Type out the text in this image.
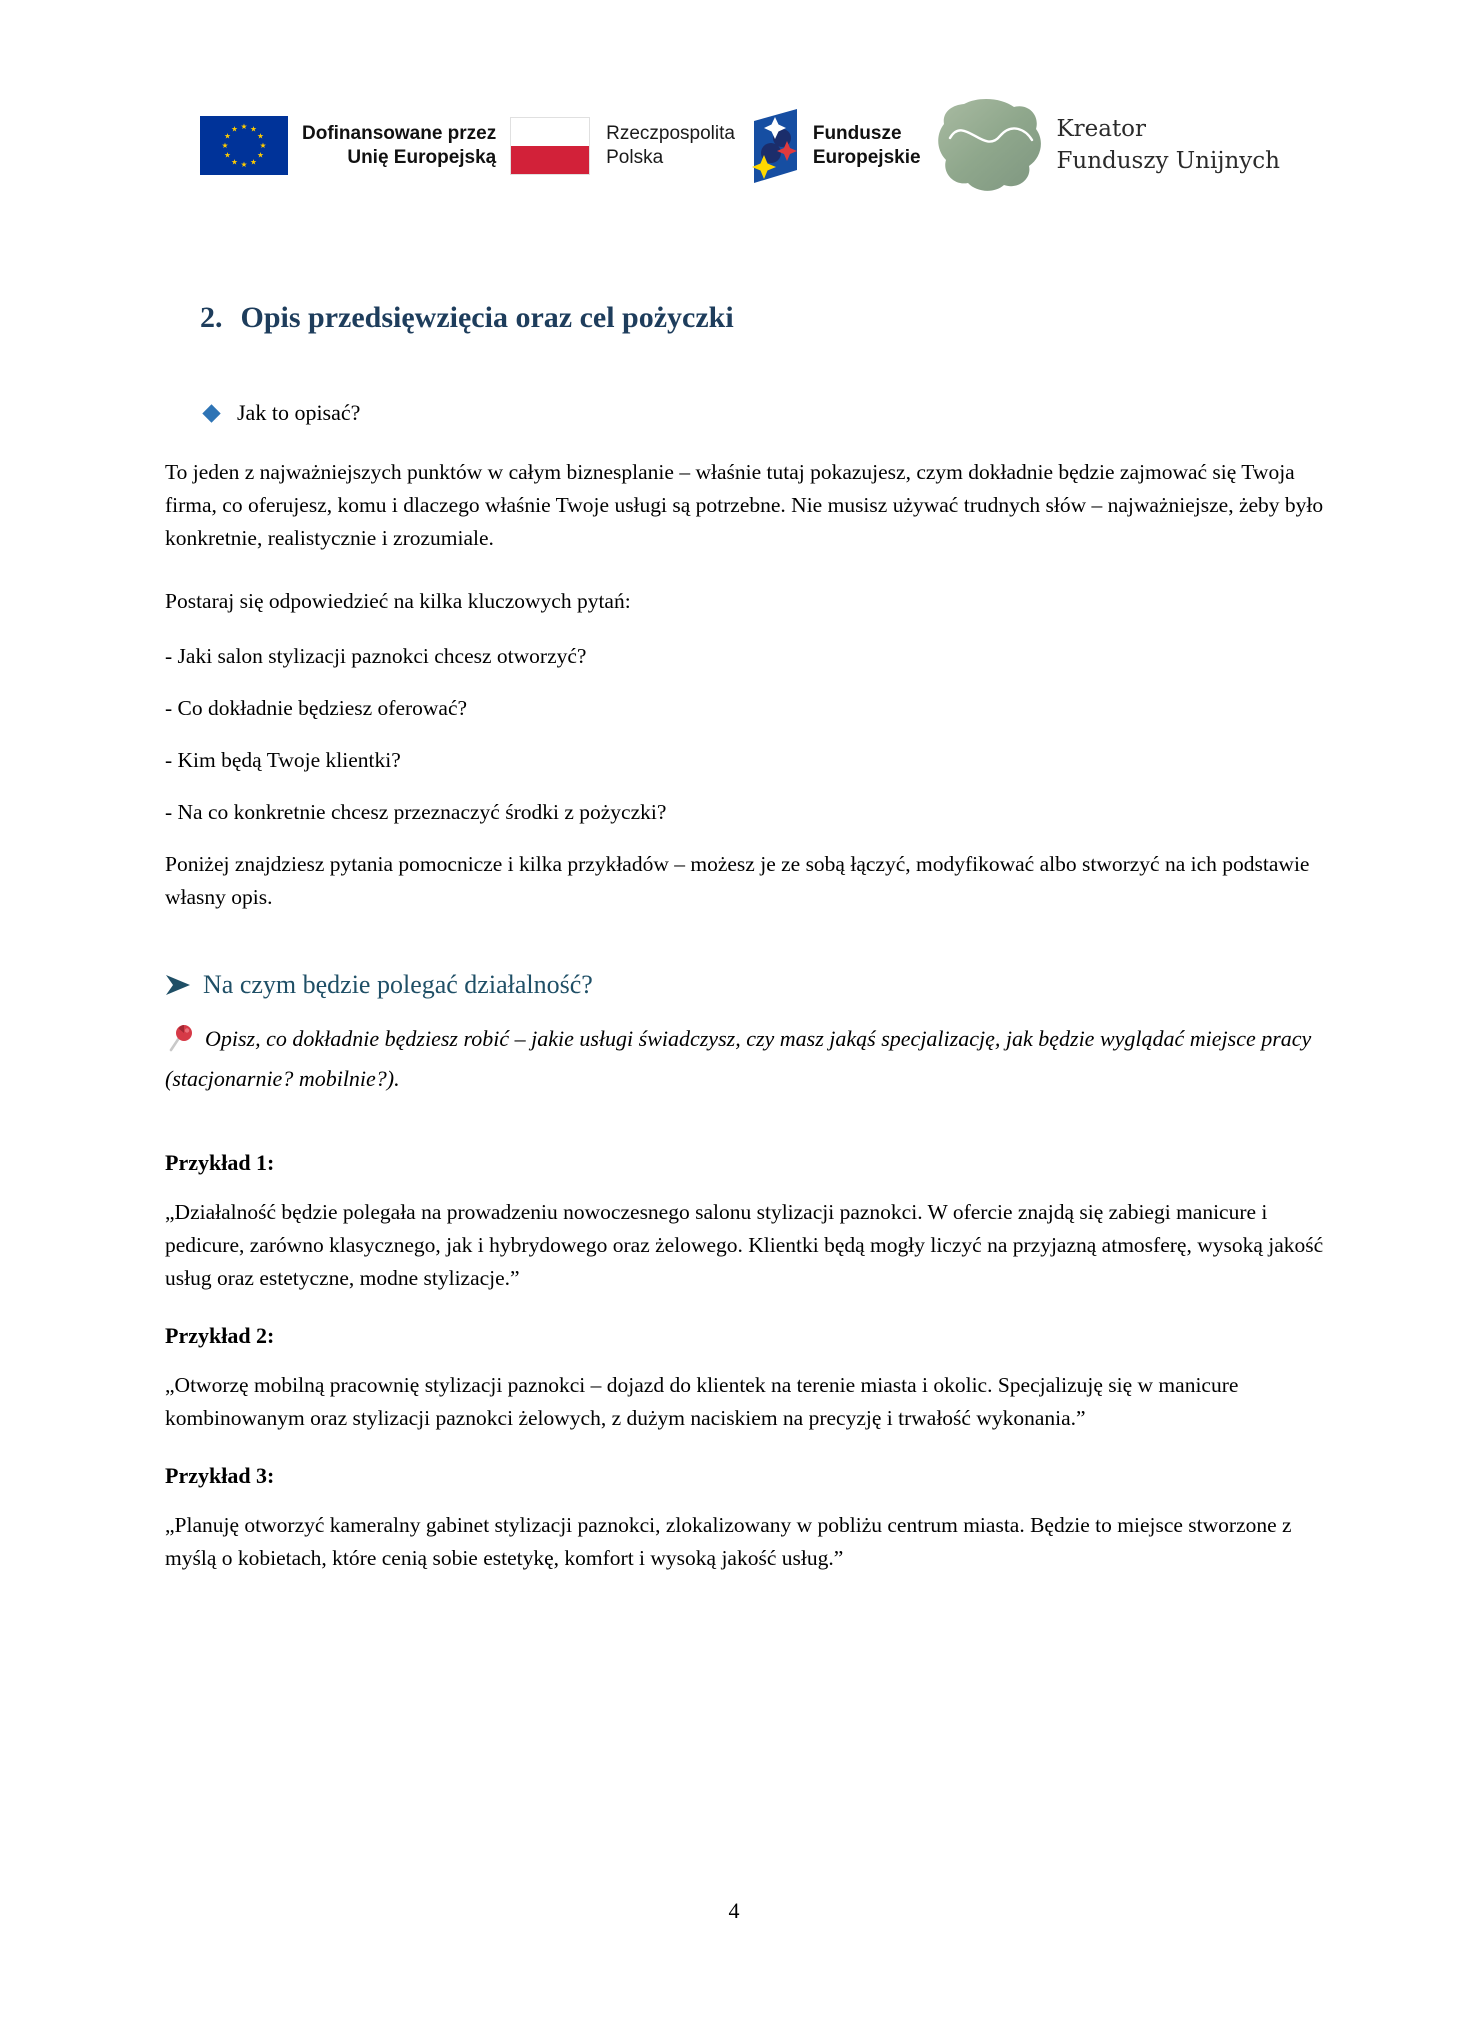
★ ★
★
★
★
★
★
★
★
★
★
★	Dofinansowane przez
Unię Europejską
Rzeczpospolita
Polska
Fundusze
Europejskie
Kreator
Funduszy Unijnych
2. Opis przedsięwzięcia oraz cel pożyczki
Jak to opisać?

To jeden z najważniejszych punktów w całym biznesplanie – właśnie tutaj pokazujesz, czym dokładnie będzie zajmować się Twoja firma, co oferujesz, komu i dlaczego właśnie Twoje usługi są potrzebne. Nie musisz używać trudnych słów – najważniejsze, żeby było konkretnie, realistycznie i zrozumiale.

Postaraj się odpowiedzieć na kilka kluczowych pytań:

- Jaki salon stylizacji paznokci chcesz otworzyć?

- Co dokładnie będziesz oferować?

- Kim będą Twoje klientki?

- Na co konkretnie chcesz przeznaczyć środki z pożyczki?

Poniżej znajdziesz pytania pomocnicze i kilka przykładów – możesz je ze sobą łączyć, modyfikować albo stworzyć na ich podstawie własny opis.

Na czym będzie polegać działalność?

Opisz, co dokładnie będziesz robić – jakie usługi świadczysz, czy masz jakąś specjalizację, jak będzie wyglądać miejsce pracy (stacjonarnie? mobilnie?).

Przykład 1:

„Działalność będzie polegała na prowadzeniu nowoczesnego salonu stylizacji paznokci. W ofercie znajdą się zabiegi manicure i pedicure, zarówno klasycznego, jak i hybrydowego oraz żelowego. Klientki będą mogły liczyć na przyjazną atmosferę, wysoką jakość usług oraz estetyczne, modne stylizacje.”

Przykład 2:

„Otworzę mobilną pracownię stylizacji paznokci – dojazd do klientek na terenie miasta i okolic. Specjalizuję się w manicure kombinowanym oraz stylizacji paznokci żelowych, z dużym naciskiem na precyzję i trwałość wykonania.”

Przykład 3:

„Planuję otworzyć kameralny gabinet stylizacji paznokci, zlokalizowany w pobliżu centrum miasta. Będzie to miejsce stworzone z myślą o kobietach, które cenią sobie estetykę, komfort i wysoką jakość usług.”

4
